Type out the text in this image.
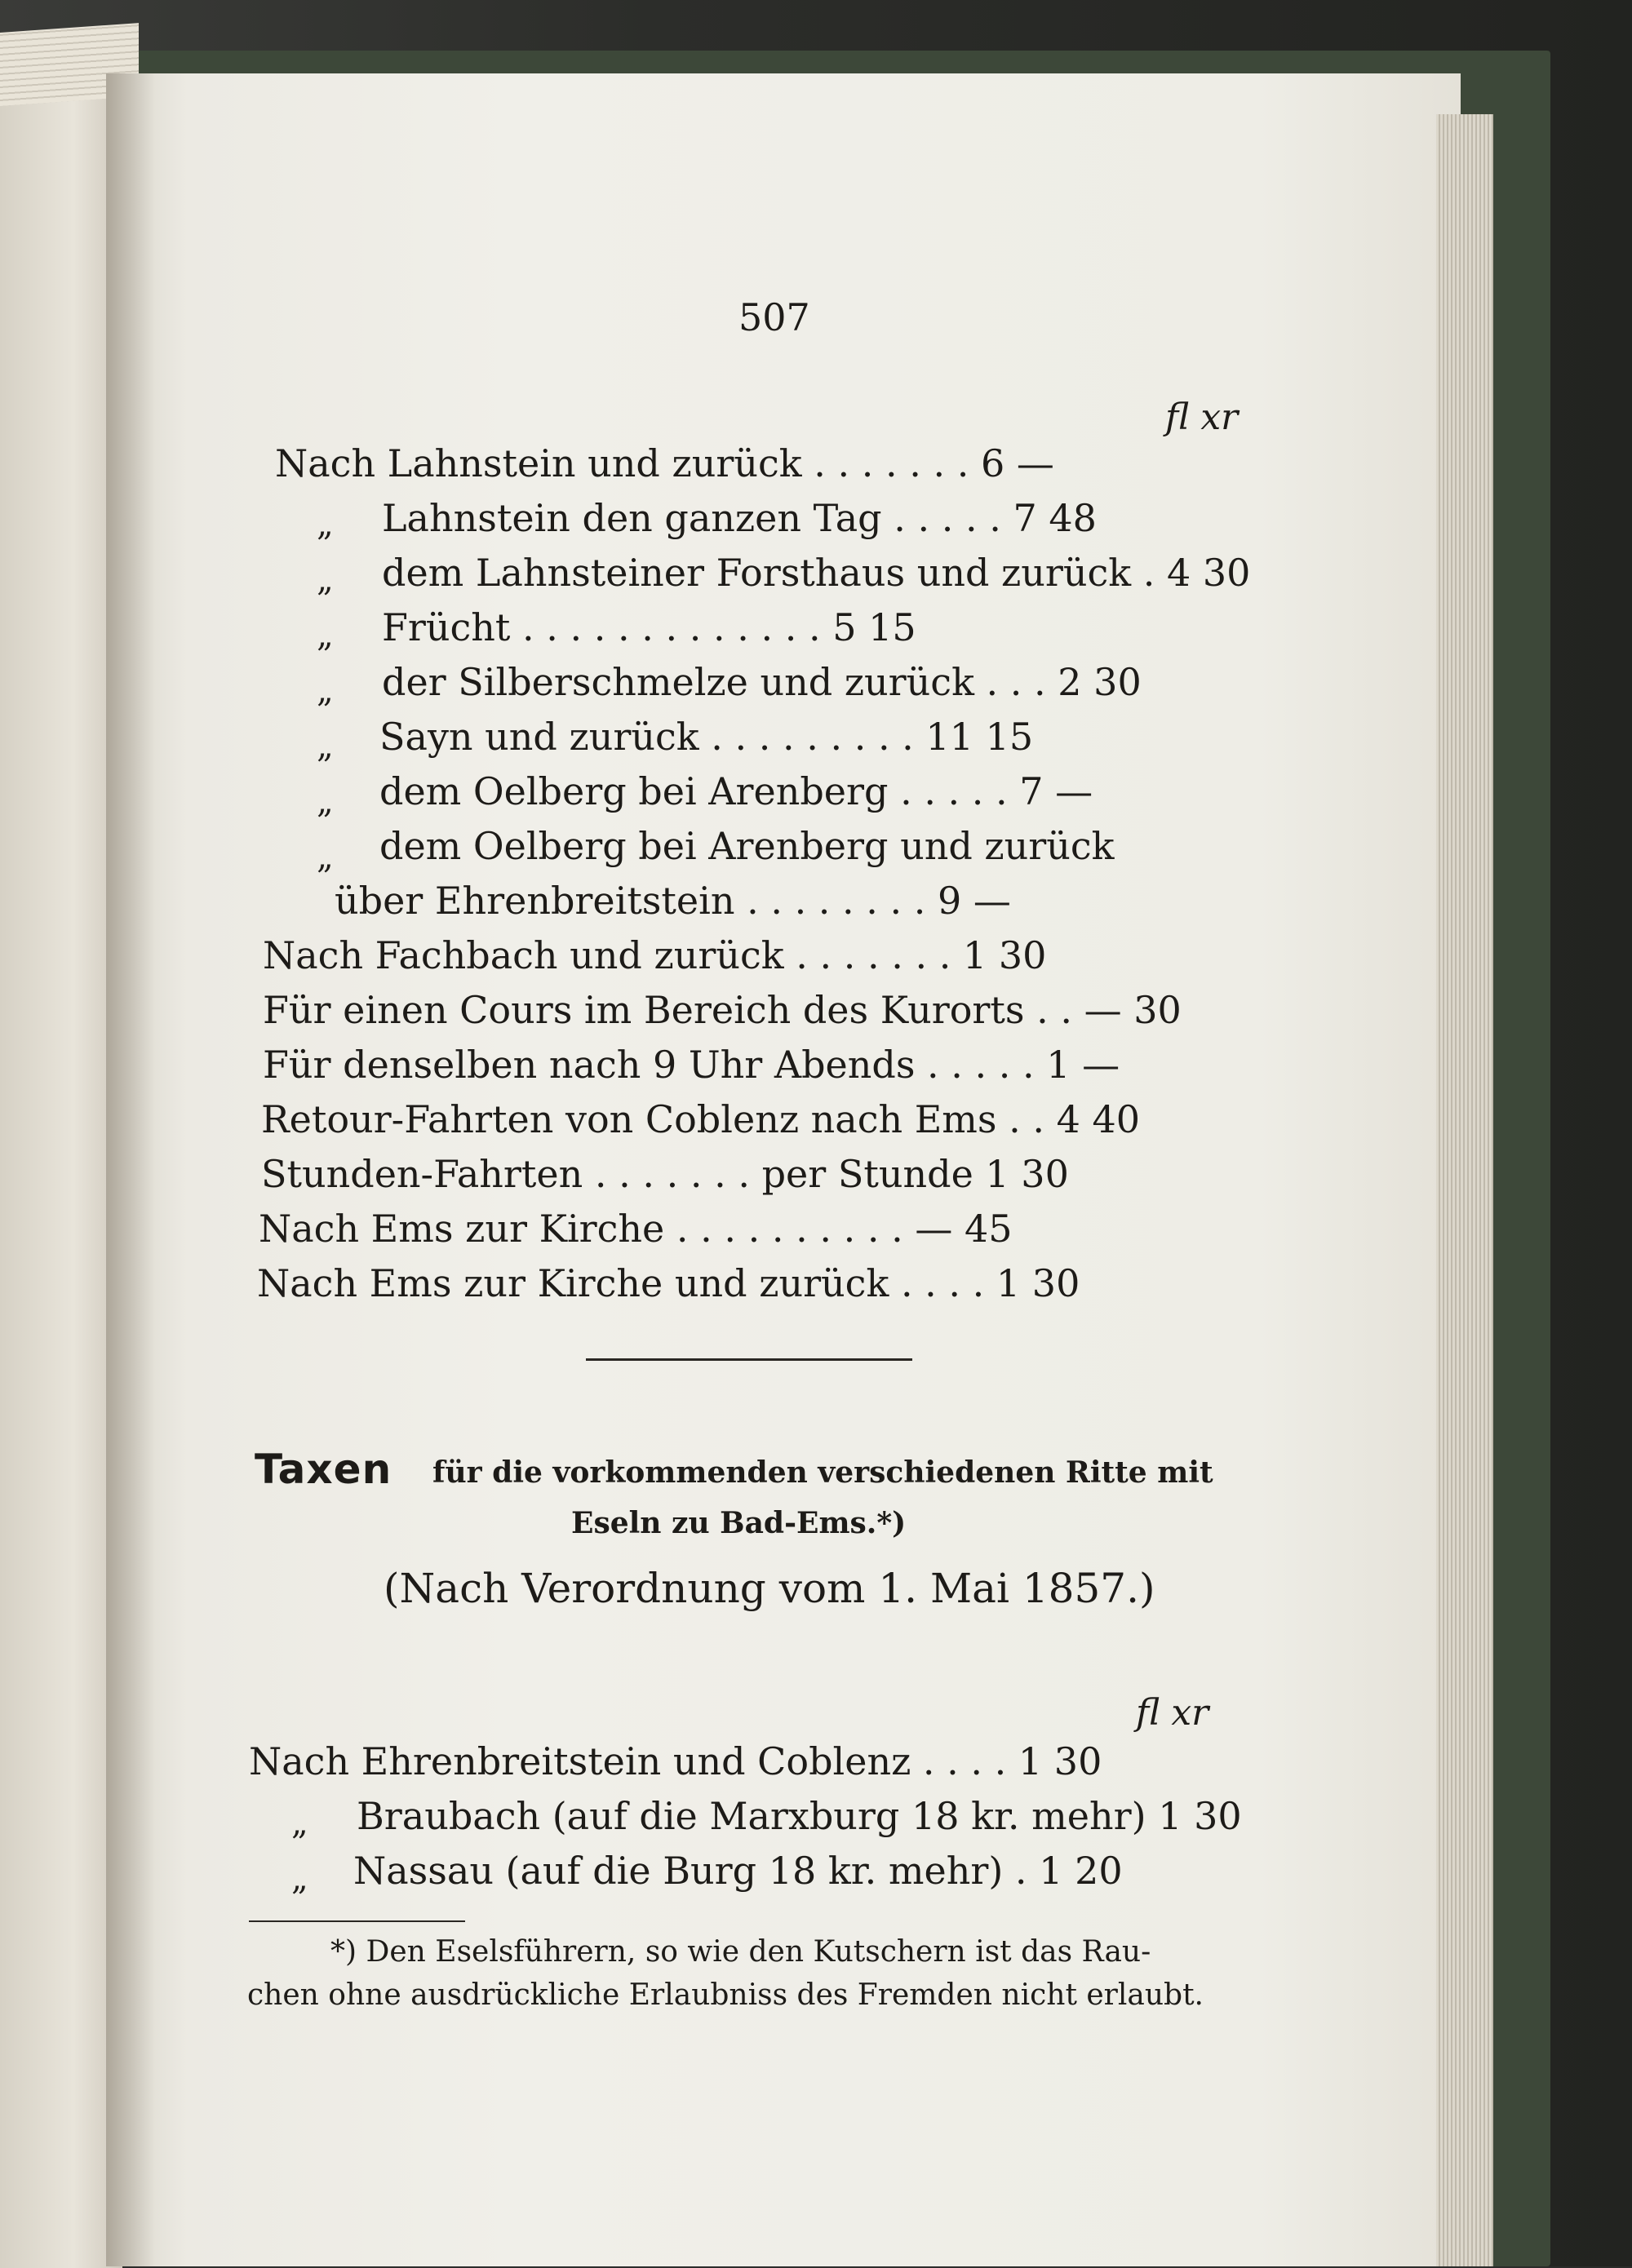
507
fl xr
Nach Lahnstein und zurück . . . . . . . 6 —
„ Lahnstein den ganzen Tag . . . . . 7 48
„ dem Lahnsteiner Forsthaus und zurück . 4 30
„ Frücht . . . . . . . . . . . . . 5 15
„ der Silberschmelze und zurück . . . 2 30
„ Sayn und zurück . . . . . . . . . 11 15
„ dem Oelberg bei Arenberg . . . . . 7 —
„ dem Oelberg bei Arenberg und zurück
über Ehrenbreitstein . . . . . . . . 9 —
Nach Fachbach und zurück . . . . . . . 1 30
Für einen Cours im Bereich des Kurorts . . — 30
Für denselben nach 9 Uhr Abends . . . . . 1 —
Retour-Fahrten von Coblenz nach Ems . . 4 40
Stunden-Fahrten . . . . . . . per Stunde 1 30
Nach Ems zur Kirche . . . . . . . . . . — 45
Nach Ems zur Kirche und zurück . . . . 1 30
Taxen für die vorkommenden verschiedenen Ritte mit
Eseln zu Bad-Ems.*)
(Nach Verordnung vom 1. Mai 1857.)
fl xr
Nach Ehrenbreitstein und Coblenz . . . . 1 30
„ Braubach (auf die Marxburg 18 kr. mehr) 1 30
„ Nassau (auf die Burg 18 kr. mehr) . 1 20
*) Den Eselsführern, so wie den Kutschern ist das Rau-
chen ohne ausdrückliche Erlaubniss des Fremden nicht erlaubt.
